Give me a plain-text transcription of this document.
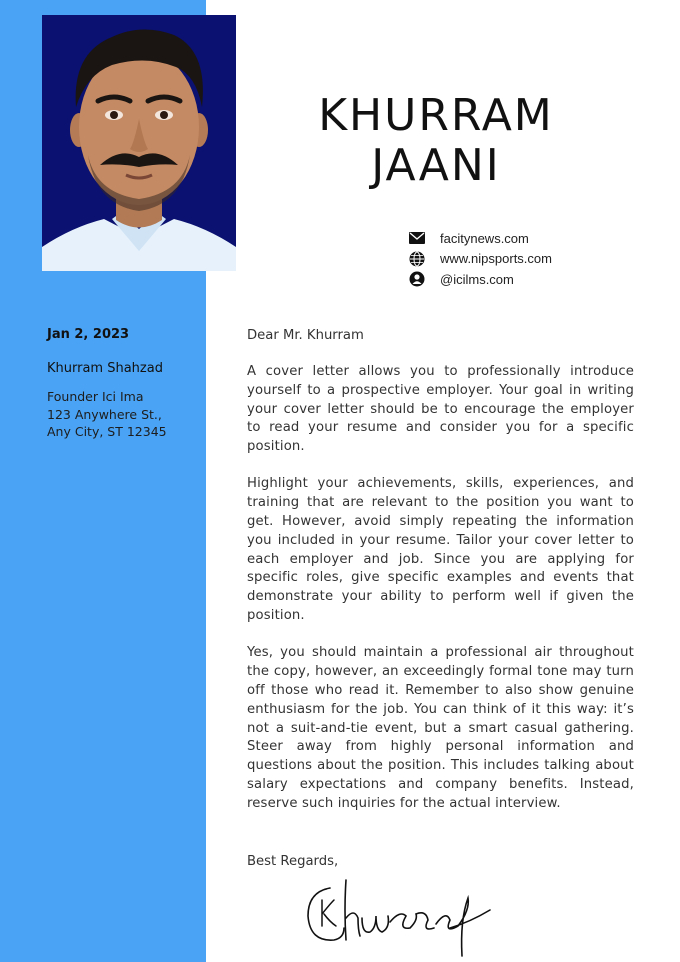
KHURRAM
JAANI
facitynews.com
www.nipsports.com
@icilms.com
Jan 2, 2023
Khurram Shahzad
Founder Ici Ima
123 Anywhere St.,
Any City, ST 12345

Dear Mr. Khurram

A cover letter allows you to professionally introduce yourself to a prospective employer. Your goal in writing your cover letter should be to encourage the employer to read your resume and consider you for a specific position.

Highlight your achievements, skills, experiences, and training that are relevant to the position you want to get. However, avoid simply repeating the information you included in your resume. Tailor your cover letter to each employer and job. Since you are applying for specific roles, give specific examples and events that demonstrate your ability to perform well if given the position.

Yes, you should maintain a professional air throughout the copy, however, an exceedingly formal tone may turn off those who read it. Remember to also show genuine enthusiasm for the job. You can think of it this way: it’s not a suit-and-tie event, but a smart casual gathering. Steer away from highly personal information and questions about the position. This includes talking about salary expectations and company benefits. Instead, reserve such inquiries for the actual interview.

Best Regards,
